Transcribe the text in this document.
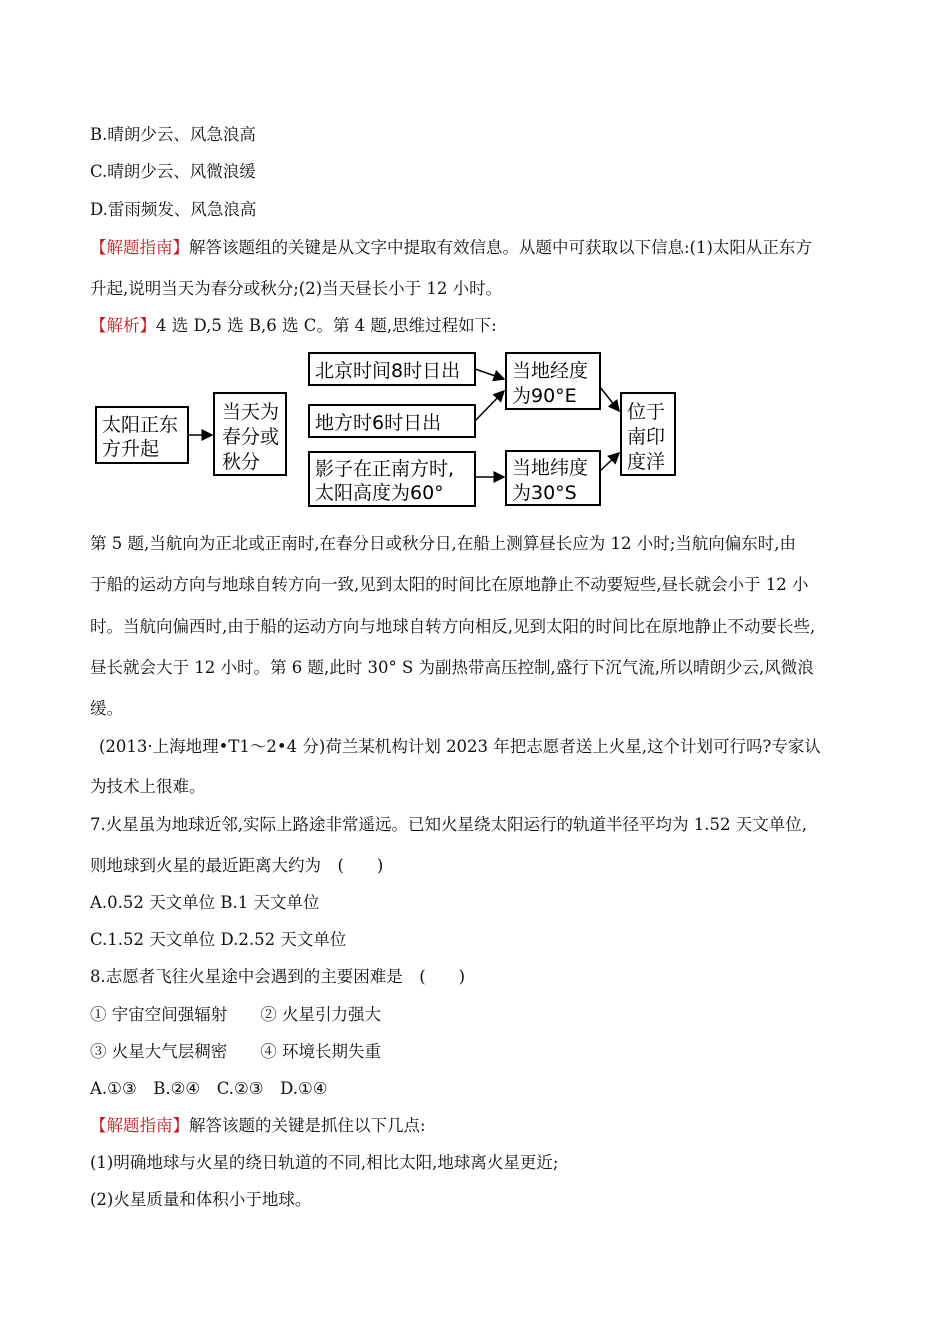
B.晴朗少云、风急浪高
C.晴朗少云、风微浪缓
D.雷雨频发、风急浪高
【解题指南】解答该题组的关键是从文字中提取有效信息。从题中可获取以下信息:(1)太阳从正东方
升起,说明当天为春分或秋分;(2)当天昼长小于 12 小时。
【解析】4 选 D,5 选 B,6 选 C。第 4 题,思维过程如下:
太阳正东
方升起
当天为
春分或
秋分
北京时间8时日出
地方时6时日出
影子在正南方时,
太阳高度为60°
当地经度
为90°E
当地纬度
为30°S
位于
南印
度洋
第 5 题,当航向为正北或正南时,在春分日或秋分日,在船上测算昼长应为 12 小时;当航向偏东时,由
于船的运动方向与地球自转方向一致,见到太阳的时间比在原地静止不动要短些,昼长就会小于 12 小
时。当航向偏西时,由于船的运动方向与地球自转方向相反,见到太阳的时间比在原地静止不动要长些,
昼长就会大于 12 小时。第 6 题,此时 30° S 为副热带高压控制,盛行下沉气流,所以晴朗少云,风微浪
缓。
(2013·上海地理•T1～2•4 分)荷兰某机构计划 2023 年把志愿者送上火星,这个计划可行吗?专家认
为技术上很难。
7.火星虽为地球近邻,实际上路途非常遥远。已知火星绕太阳运行的轨道半径平均为 1.52 天文单位,
则地球到火星的最近距离大约为　(　　)
A.0.52 天文单位 B.1 天文单位
C.1.52 天文单位 D.2.52 天文单位
8.志愿者飞往火星途中会遇到的主要困难是　(　　)
① 宇宙空间强辐射　　② 火星引力强大
③ 火星大气层稠密　　④ 环境长期失重
A.①③　B.②④　C.②③　D.①④
【解题指南】解答该题的关键是抓住以下几点:
(1)明确地球与火星的绕日轨道的不同,相比太阳,地球离火星更近;
(2)火星质量和体积小于地球。
